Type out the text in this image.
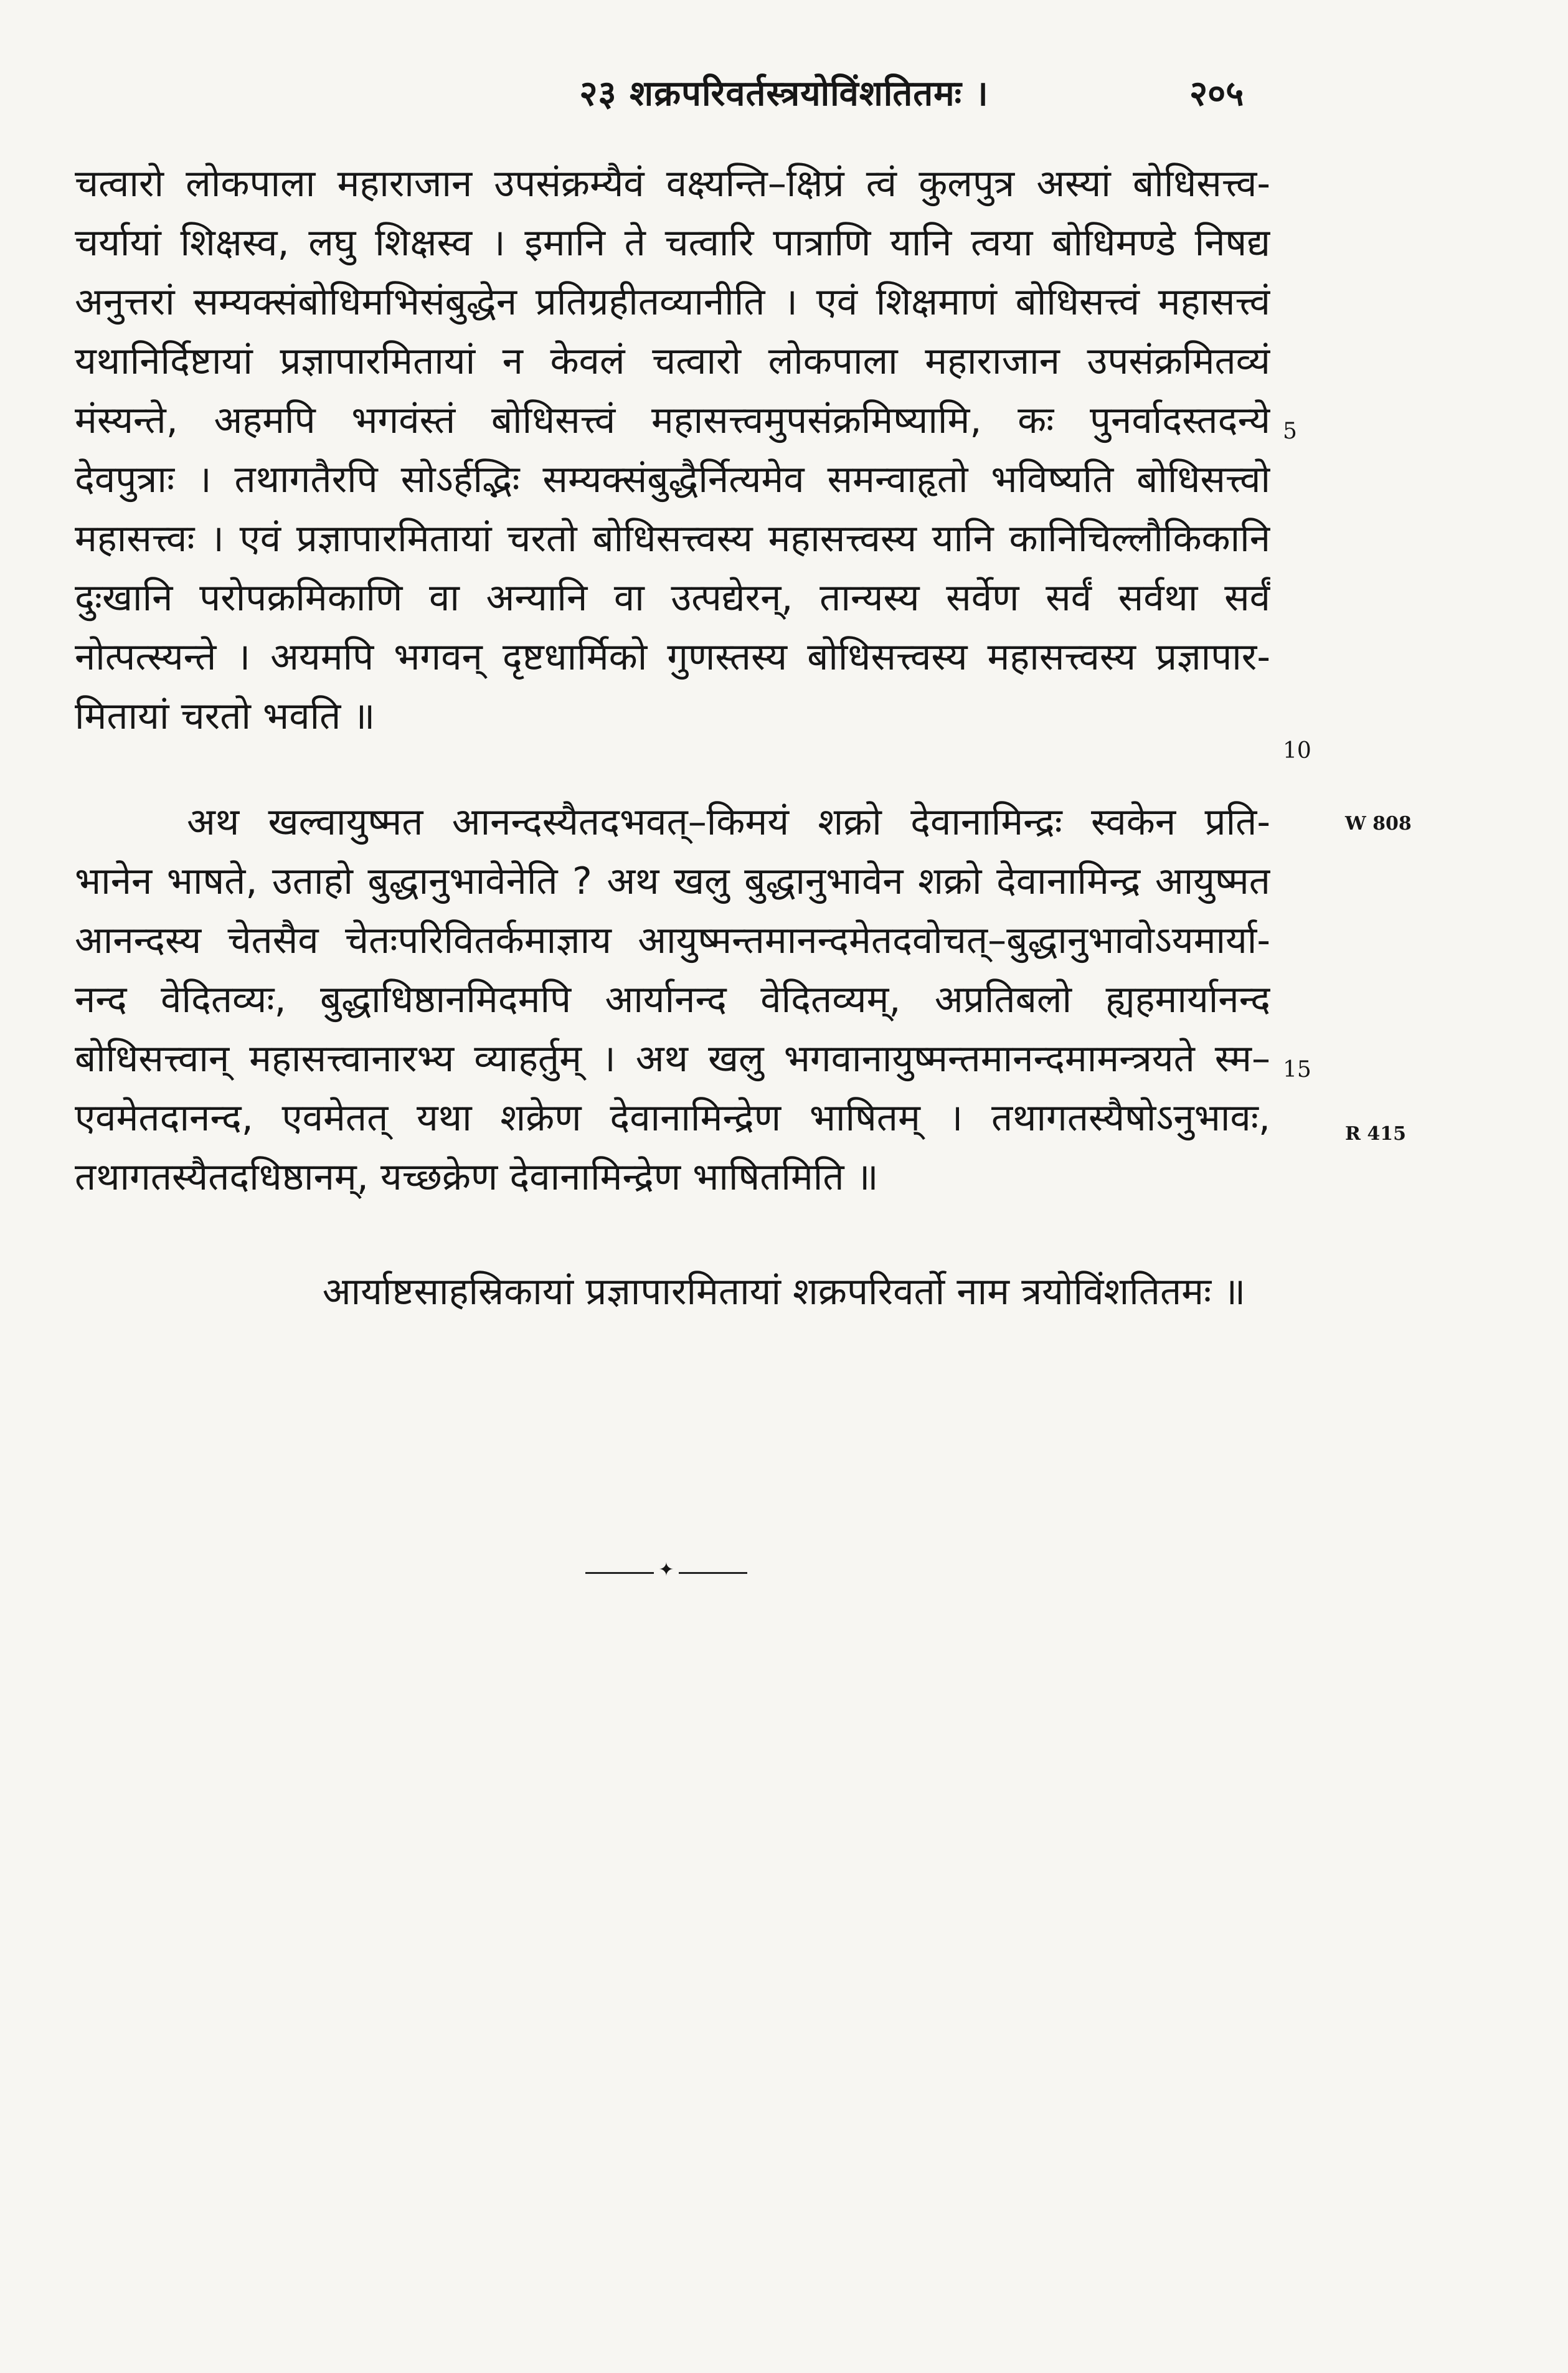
२३ शक्रपरिवर्तस्त्रयोविंशतितमः ।	२०५
चत्वारो लोकपाला महाराजान उपसंक्रम्यैवं वक्ष्यन्ति–क्षिप्रं त्वं कुलपुत्र अस्यां बोधिसत्त्व-
चर्यायां शिक्षस्व, लघु शिक्षस्व । इमानि ते चत्वारि पात्राणि यानि त्वया बोधिमण्डे निषद्य
अनुत्तरां सम्यक्संबोधिमभिसंबुद्धेन प्रतिग्रहीतव्यानीति । एवं शिक्षमाणं बोधिसत्त्वं महासत्त्वं
यथानिर्दिष्टायां प्रज्ञापारमितायां न केवलं चत्वारो लोकपाला महाराजान उपसंक्रमितव्यं
मंस्यन्ते, अहमपि भगवंस्तं बोधिसत्त्वं महासत्त्वमुपसंक्रमिष्यामि, कः पुनर्वादस्तदन्ये
देवपुत्राः । तथागतैरपि सोऽर्हद्भिः सम्यक्संबुद्धैर्नित्यमेव समन्वाहृतो भविष्यति बोधिसत्त्वो
महासत्त्वः । एवं प्रज्ञापारमितायां चरतो बोधिसत्त्वस्य महासत्त्वस्य यानि कानिचिल्लौकिकानि
दुःखानि परोपक्रमिकाणि वा अन्यानि वा उत्पद्येरन्, तान्यस्य सर्वेण सर्वं सर्वथा सर्वं
नोत्पत्स्यन्ते । अयमपि भगवन् दृष्टधार्मिको गुणस्तस्य बोधिसत्त्वस्य महासत्त्वस्य प्रज्ञापार-
मितायां चरतो भवति ॥
अथ खल्वायुष्मत आनन्दस्यैतदभवत्–किमयं शक्रो देवानामिन्द्रः स्वकेन प्रति-
भानेन भाषते, उताहो बुद्धानुभावेनेति ? अथ खलु बुद्धानुभावेन शक्रो देवानामिन्द्र आयुष्मत
आनन्दस्य चेतसैव चेतःपरिवितर्कमाज्ञाय आयुष्मन्तमानन्दमेतदवोचत्–बुद्धानुभावोऽयमार्या-
नन्द वेदितव्यः, बुद्धाधिष्ठानमिदमपि आर्यानन्द वेदितव्यम्, अप्रतिबलो ह्यहमार्यानन्द
बोधिसत्त्वान् महासत्त्वानारभ्य व्याहर्तुम् । अथ खलु भगवानायुष्मन्तमानन्दमामन्त्रयते स्म–
एवमेतदानन्द, एवमेतत् यथा शक्रेण देवानामिन्द्रेण भाषितम् । तथागतस्यैषोऽनुभावः,
तथागतस्यैतदधिष्ठानम्, यच्छक्रेण देवानामिन्द्रेण भाषितमिति ॥
5
10
15
W 808
R 415
आर्याष्टसाहस्रिकायां प्रज्ञापारमितायां शक्रपरिवर्तो नाम त्रयोविंशतितमः ॥
✦
